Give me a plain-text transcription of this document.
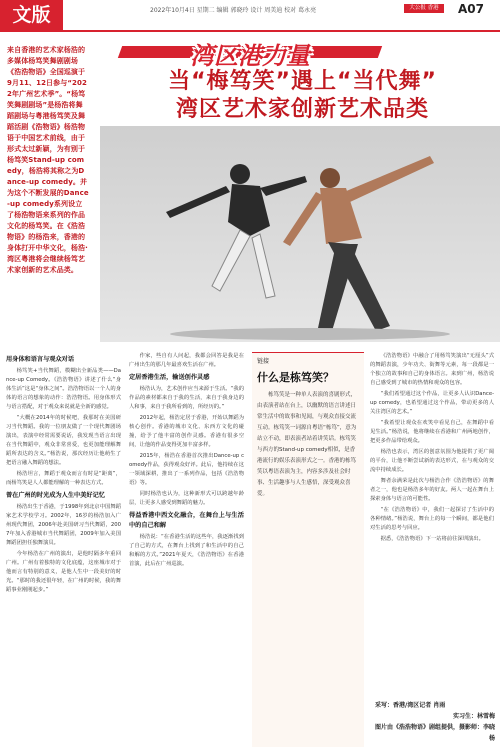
文版	2022年10月4日 星期二 编辑 郭晓玲 设计 周美迪 校对 葛永亮	大公报 香港	A07
湾区港力量
来自香港的艺术家杨浩的多媒体杨笃笑舞剧剧场《浩浩物语》全国巡演于9月11、12日参与“2022年广州艺术季”。“杨笃笑舞剧剧场”是杨浩将舞蹈剧场与粤港杨笃笑及舞蹈活剧《浩物语》杨浩物语于中国艺术前线，由于形式太过新颖，为有别于杨笃笑Stand-up comedy，杨浩将其称之为Dance-up comedy。并为这个不断发展的Dance-up comedy系列设立了杨浩物语来系列的作品文化的杨笃笑。在《浩浩物语》的杨浩来，香港的身体打开中华文化，杨浩·湾区粤港将会继续杨笃艺术家创新的艺术品类。
当“梅笃笑”遇上“当代舞”
湾区艺术家创新艺术品类

用身体和语言与观众对话

杨笃笑+当代舞蹈，模糊出全新品类——Dance-up Comedy。《浩浩物语》讲述了什么“身体生活”这是“身体之间”。浩浩物语以一个人的身体的语言的想象的动作：浩浩物语。用身体形式与语言搭配，对于观众来说就是全新的感觉。

“大概在2014年的时候吧，我那时在美国研习当代舞蹈。我的一位朋友做了一个现代舞剧场演出，表演中经常需要说话，我发现当语言出现在当代舞蹈中，观众非常喜爱，也更加能理解舞蹈所表达的含义。”杨浩说，那次经历让他萌生了把语言融入舞蹈的想法。

杨浩坦言，舞蹈于观众而言有时是“距离”，而杨笃笑是人人都能理解的一种表达方式。

曾在广州的时光成为人生中美好记忆

杨浩出生于香港，于1998年到北京中国舞蹈家艺术学校学习。2002年，16岁的杨浩加入广州现代舞团，2006年赴美国研习当代舞蹈，2007年加入香港城市当代舞蹈团，2009年加入美国舞蹈团担任独舞演员。

今年杨浩在广州的演出，是他时隔多年重回广州。广州有着独特的文化底蕴，这座城市对于他而言有特别的意义，是他人生中一段美好的时光。“那时的我还很年轻，在广州的时候，我的舞蹈事业刚刚起步。”

作家，些自有人问起，我都会回答是我是在广州出生的那几年最喜欢生活在广州。

定居香港生活，输送创作灵感

杨浩认为，艺术创作应当来源于生活。“我的作品的素材都来自于我的生活，来自于我身边的人和事，来自于我所看到的，所经历的。”

2012年起，杨浩定居于香港，开始以舞蹈为核心创作。香港的城市文化、东西方文化的碰撞，给予了他丰富的创作灵感。香港有很多空间，让他的作品变得更加丰富多样。

2015年，杨浩在香港首次推出Dance-up comedy作品，获得观众好评。此后，他持续在这一领域深耕，推出了一系列作品，包括《浩浩物语》等。

同时杨浩也认为，这种新形式可以跨越年龄层，让更多人感受到舞蹈的魅力。

得益香港中西文化融合，在舞台上与生活中的自己和解

杨浩说：“在香港生活的这些年，我逐渐找到了自己的方式，在舞台上找到了和生活中的自己和解的方式。”2021年夏天，《浩浩物语》在香港首演，此后在广州巡演。

链接
什么是栋笃笑？
栋笃笑是一种单人表演的喜剧形式，由表演者站在台上，以幽默的语言讲述日常生活中的故事和见闻，与观众直接交流互动。栋笃笑一词源自粤语“栋笃”，意为站立不动，即表演者站着讲笑话。栋笃笑与西方的Stand-up comedy相似，是香港流行的娱乐表演形式之一。香港的栋笃笑以粤语表演为主，内容多涉及社会时事、生活趣事与人生感悟，深受观众喜爱。

《浩浩物语》中融合了用杨笃笑演出“无厘头”式的舞蹈表演，少年功夫、街舞等元素，每一段都是一个独立的故事和自己的身体语言。来到广州，杨浩说自己感受到了城市的热情和观众的包容。

“我们希望通过这个作品，让更多人认识Dance-up comedy，也希望通过这个作品，带动更多的人关注湾区的艺术。”

“我希望让观众在欢笑中看见自己，在舞蹈中看见生活。”杨浩说，他将继续在香港和广州两地创作，把更多作品带给观众。

杨浩也表示，湾区的创意氛围为他提供了更广阔的平台，让他不断尝试新的表达形式，在与观众的交流中持续成长。

舞者余满荣是此次与杨浩合作《浩浩物语》的舞者之一，他也是杨浩多年的好友。两人一起在舞台上探索身体与语言的可能性。

“在《浩浩物语》中，我们一起探讨了生活中的各种情绪。”杨浩说，舞台上的每一个瞬间，都是他们对生活的思考与回应。

据悉，《浩浩物语》下一站将前往深圳演出。

采写：香港/湾区记者 肖雨
实习生：林雪梅
图片由《浩浩物语》剧组提供，摄影师：李晓杨
